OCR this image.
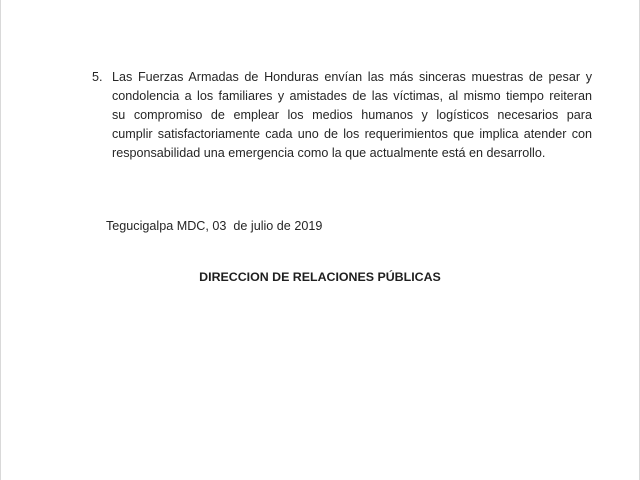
5. Las Fuerzas Armadas de Honduras envían las más sinceras muestras de pesar y
condolencia a los familiares y amistades de las víctimas, al mismo tiempo reiteran
su compromiso de emplear los medios humanos y logísticos necesarios para
cumplir satisfactoriamente cada uno de los requerimientos que implica atender con
responsabilidad una emergencia como la que actualmente está en desarrollo.
Tegucigalpa MDC, 03  de julio de 2019
DIRECCION DE RELACIONES PÚBLICAS
